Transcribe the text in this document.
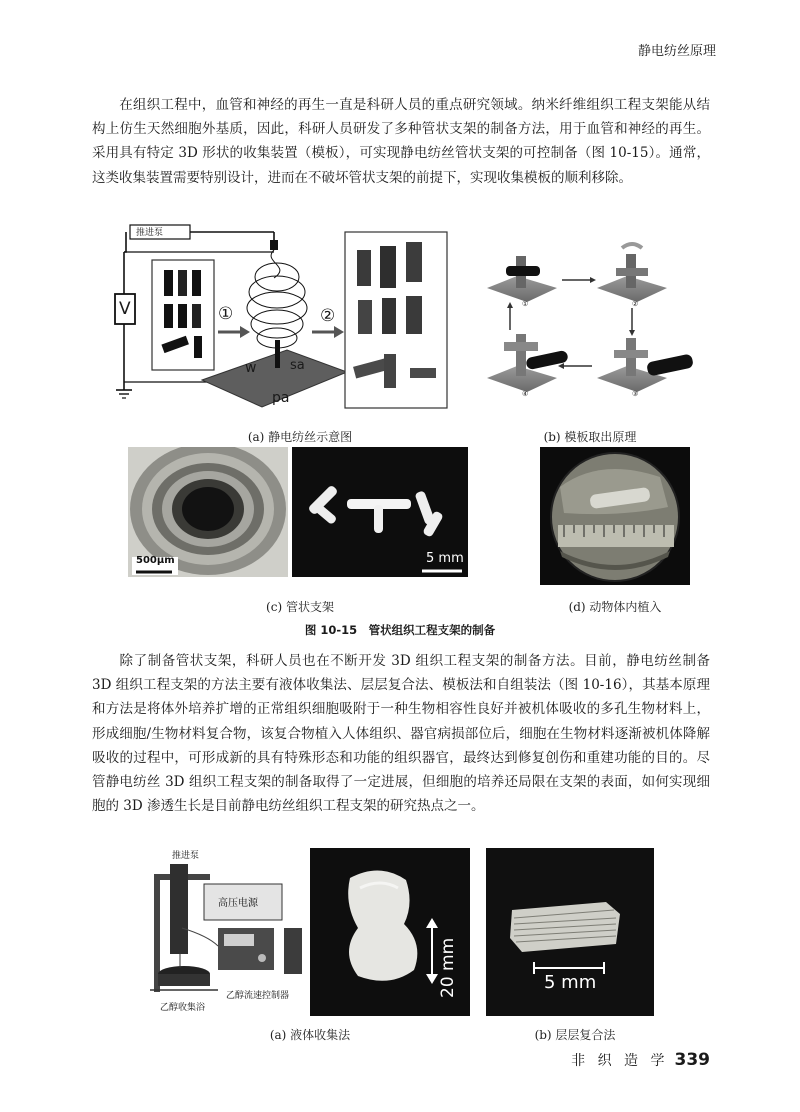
静电纺丝原理
在组织工程中，血管和神经的再生一直是科研人员的重点研究领域。纳米纤维组织工程支架能从结构上仿生天然细胞外基质，因此，科研人员研发了多种管状支架的制备方法，用于血管和神经的再生。采用具有特定 3D 形状的收集装置（模板），可实现静电纺丝管状支架的可控制备（图 10-15）。通常，这类收集装置需要特别设计，进而在不破坏管状支架的前提下，实现收集模板的顺利移除。
推进泵
V	①	②
w	sa
pa
(a) 静电纺丝示意图
①	②
③
④
(b) 模板取出原理
500μm	5 mm
(c) 管状支架	(d) 动物体内植入
图 10-15　管状组织工程支架的制备
除了制备管状支架，科研人员也在不断开发 3D 组织工程支架的制备方法。目前，静电纺丝制备 3D 组织工程支架的方法主要有液体收集法、层层复合法、模板法和自组装法（图 10-16），其基本原理和方法是将体外培养扩增的正常组织细胞吸附于一种生物相容性良好并被机体吸收的多孔生物材料上，形成细胞/生物材料复合物，该复合物植入人体组织、器官病损部位后，细胞在生物材料逐渐被机体降解吸收的过程中，可形成新的具有特殊形态和功能的组织器官，最终达到修复创伤和重建功能的目的。尽管静电纺丝 3D 组织工程支架的制备取得了一定进展，但细胞的培养还局限在支架的表面，如何实现细胞的 3D 渗透生长是目前静电纺丝组织工程支架的研究热点之一。
推进泵
高压电源
乙醇收集浴
乙醇流速控制器	20 mm
(a) 液体收集法
5 mm
(b) 层层复合法
非 织 造 学 339
